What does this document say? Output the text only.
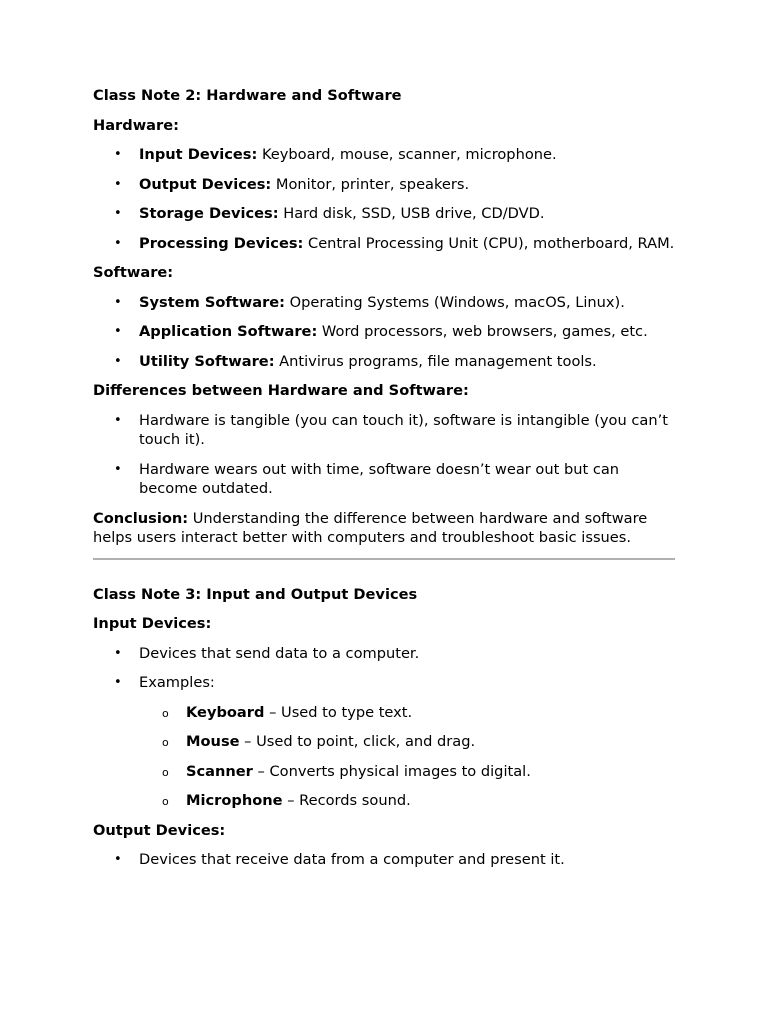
Class Note 2: Hardware and Software
Hardware:
• Input Devices: Keyboard, mouse, scanner, microphone.
• Output Devices: Monitor, printer, speakers.
• Storage Devices: Hard disk, SSD, USB drive, CD/DVD.
• Processing Devices: Central Processing Unit (CPU), motherboard, RAM.
Software:
• System Software: Operating Systems (Windows, macOS, Linux).
• Application Software: Word processors, web browsers, games, etc.
• Utility Software: Antivirus programs, file management tools.
Differences between Hardware and Software:
• Hardware is tangible (you can touch it), software is intangible (you can’t touch it).
• Hardware wears out with time, software doesn’t wear out but can become outdated.

Conclusion: Understanding the difference between hardware and software helps users interact better with computers and troubleshoot basic issues.

Class Note 3: Input and Output Devices
Input Devices:
• Devices that send data to a computer.
• Examples:
o Keyboard – Used to type text.
o Mouse – Used to point, click, and drag.
o Scanner – Converts physical images to digital.
o Microphone – Records sound.
Output Devices:
• Devices that receive data from a computer and present it.
